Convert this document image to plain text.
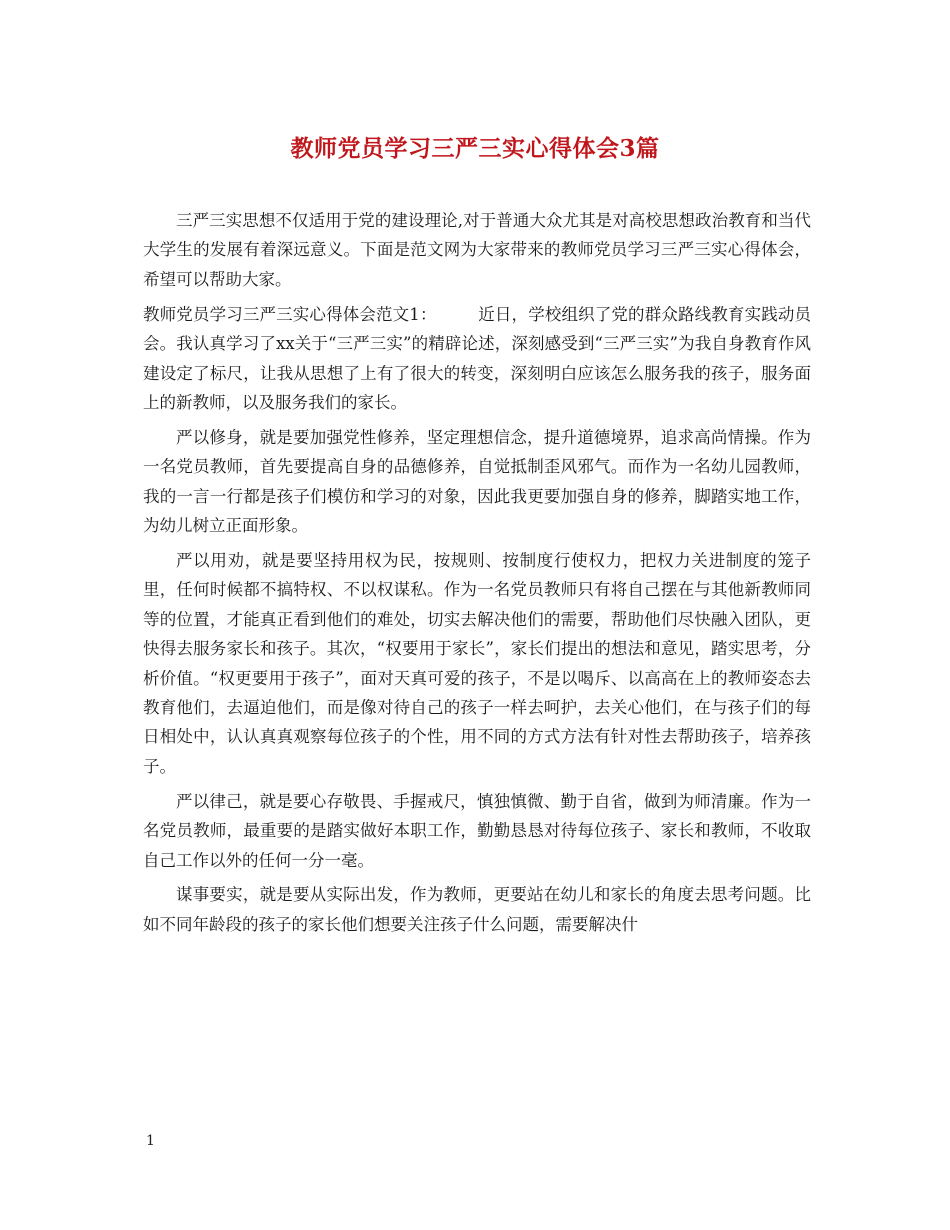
教师党员学习三严三实心得体会3篇

三严三实思想不仅适用于党的建设理论,对于普通大众尤其是对高校思想政治教育和当代大学生的发展有着深远意义。下面是范文网为大家带来的教师党员学习三严三实心得体会，希望可以帮助大家。

教师党员学习三严三实心得体会范文1：　　　近日，学校组织了党的群众路线教育实践动员会。我认真学习了xx关于“三严三实”的精辟论述，深刻感受到“三严三实”为我自身教育作风建设定了标尺，让我从思想了上有了很大的转变，深刻明白应该怎么服务我的孩子，服务面上的新教师，以及服务我们的家长。

严以修身，就是要加强党性修养，坚定理想信念，提升道德境界，追求高尚情操。作为一名党员教师，首先要提高自身的品德修养，自觉抵制歪风邪气。而作为一名幼儿园教师，我的一言一行都是孩子们模仿和学习的对象，因此我更要加强自身的修养，脚踏实地工作，为幼儿树立正面形象。

严以用劝，就是要坚持用权为民，按规则、按制度行使权力，把权力关进制度的笼子里，任何时候都不搞特权、不以权谋私。作为一名党员教师只有将自己摆在与其他新教师同等的位置，才能真正看到他们的难处，切实去解决他们的需要，帮助他们尽快融入团队，更快得去服务家长和孩子。其次，“权要用于家长”，家长们提出的想法和意见，踏实思考，分析价值。“权更要用于孩子”，面对天真可爱的孩子，不是以喝斥、以高高在上的教师姿态去教育他们，去逼迫他们，而是像对待自己的孩子一样去呵护，去关心他们，在与孩子们的每日相处中，认认真真观察每位孩子的个性，用不同的方式方法有针对性去帮助孩子，培养孩子。

严以律己，就是要心存敬畏、手握戒尺，慎独慎微、勤于自省，做到为师清廉。作为一名党员教师，最重要的是踏实做好本职工作，勤勤恳恳对待每位孩子、家长和教师，不收取自己工作以外的任何一分一毫。

谋事要实，就是要从实际出发，作为教师，更要站在幼儿和家长的角度去思考问题。比如不同年龄段的孩子的家长他们想要关注孩子什么问题，需要解决什

1
